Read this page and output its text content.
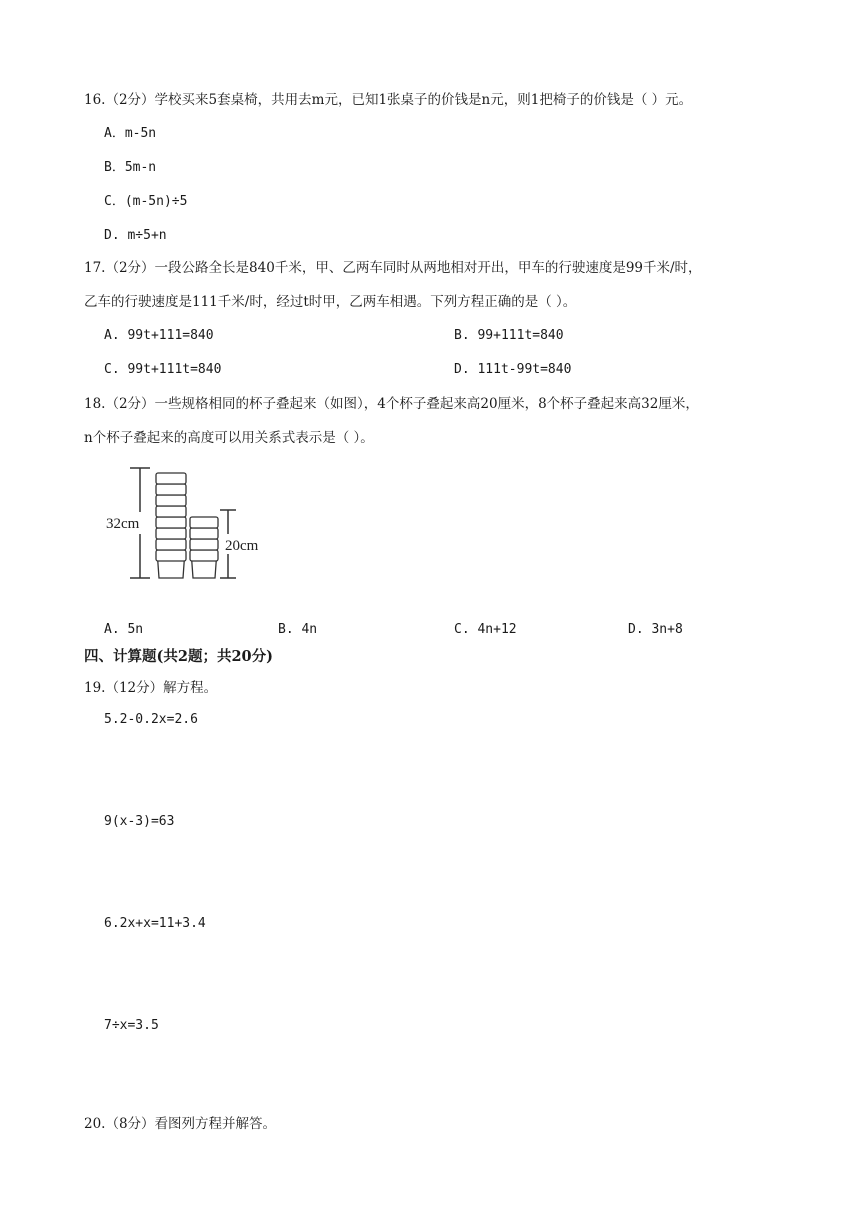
16.（2分）学校买来5套桌椅，共用去m元，已知1张桌子的价钱是n元，则1把椅子的价钱是（ ）元。
A．m-5n
B．5m-n
C．(m-5n)÷5
D. m÷5+n
17.（2分）一段公路全长是840千米，甲、乙两车同时从两地相对开出，甲车的行驶速度是99千米/时，
乙车的行驶速度是111千米/时，经过t时甲，乙两车相遇。下列方程正确的是（ ）。
A. 99t+111=840	B. 99+111t=840
C. 99t+111t=840	D. 111t-99t=840
18.（2分）一些规格相同的杯子叠起来（如图），4个杯子叠起来高20厘米，8个杯子叠起来高32厘米，
n个杯子叠起来的高度可以用关系式表示是（ ）。
32cm
20cm
A. 5n	B. 4n	C. 4n+12	D. 3n+8
四、计算题(共2题；共20分)
19.（12分）解方程。
5.2-0.2x=2.6
9(x-3)=63
6.2x+x=11+3.4
7÷x=3.5
20.（8分）看图列方程并解答。
